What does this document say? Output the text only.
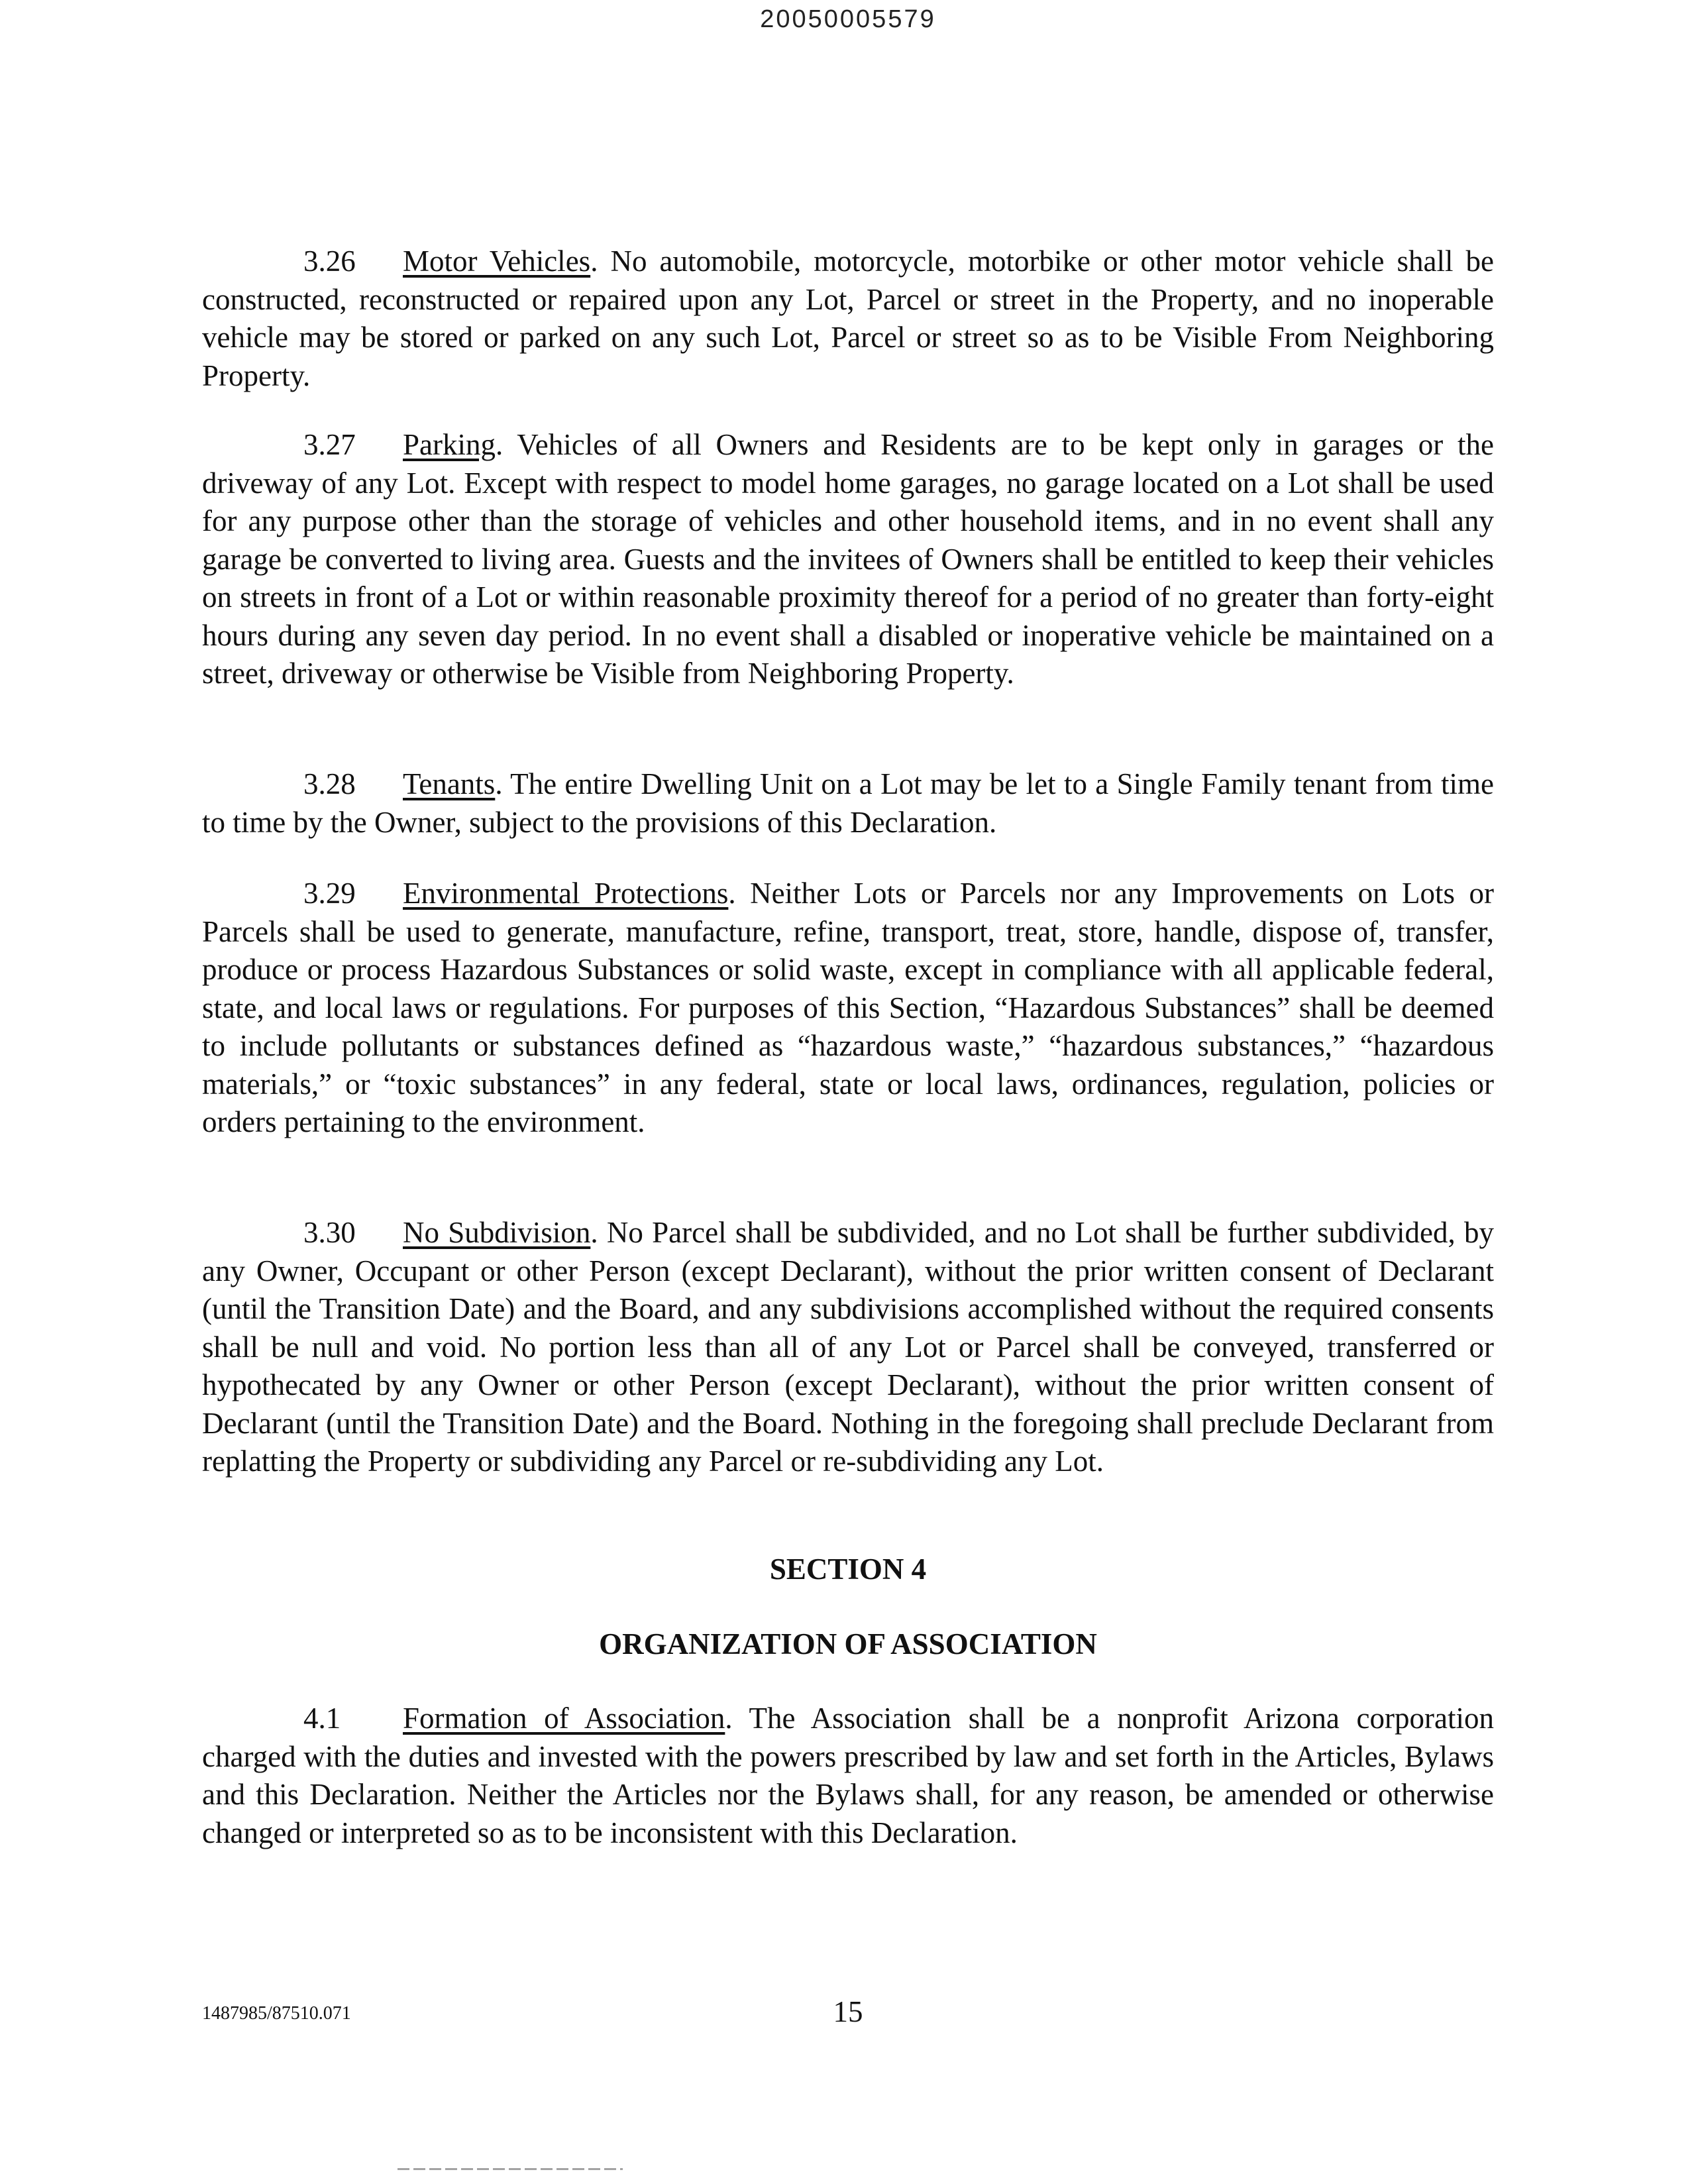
20050005579

3.26 Motor Vehicles. No automobile, motorcycle, motorbike or other motor vehicle shall be constructed, reconstructed or repaired upon any Lot, Parcel or street in the Property, and no inoperable vehicle may be stored or parked on any such Lot, Parcel or street so as to be Visible From Neighboring Property.

3.27 Parking. Vehicles of all Owners and Residents are to be kept only in garages or the driveway of any Lot. Except with respect to model home garages, no garage located on a Lot shall be used for any purpose other than the storage of vehicles and other household items, and in no event shall any garage be converted to living area. Guests and the invitees of Owners shall be entitled to keep their vehicles on streets in front of a Lot or within reasonable proximity thereof for a period of no greater than forty-eight hours during any seven day period. In no event shall a disabled or inoperative vehicle be maintained on a street, driveway or otherwise be Visible from Neighboring Property.

3.28 Tenants. The entire Dwelling Unit on a Lot may be let to a Single Family tenant from time to time by the Owner, subject to the provisions of this Declaration.

3.29 Environmental Protections. Neither Lots or Parcels nor any Improvements on Lots or Parcels shall be used to generate, manufacture, refine, transport, treat, store, handle, dispose of, transfer, produce or process Hazardous Substances or solid waste, except in compliance with all applicable federal, state, and local laws or regulations. For purposes of this Section, “Hazardous Substances” shall be deemed to include pollutants or substances defined as “hazardous waste,” “hazardous substances,” “hazardous materials,” or “toxic substances” in any federal, state or local laws, ordinances, regulation, policies or orders pertaining to the environment.

3.30 No Subdivision. No Parcel shall be subdivided, and no Lot shall be further subdivided, by any Owner, Occupant or other Person (except Declarant), without the prior written consent of Declarant (until the Transition Date) and the Board, and any subdivisions accomplished without the required consents shall be null and void. No portion less than all of any Lot or Parcel shall be conveyed, transferred or hypothecated by any Owner or other Person (except Declarant), without the prior written consent of Declarant (until the Transition Date) and the Board. Nothing in the foregoing shall preclude Declarant from replatting the Property or subdividing any Parcel or re-subdividing any Lot.

SECTION 4

ORGANIZATION OF ASSOCIATION

4.1 Formation of Association. The Association shall be a nonprofit Arizona corporation charged with the duties and invested with the powers prescribed by law and set forth in the Articles, Bylaws and this Declaration. Neither the Articles nor the Bylaws shall, for any reason, be amended or otherwise changed or interpreted so as to be inconsistent with this Declaration.

1487985/87510.071	15
